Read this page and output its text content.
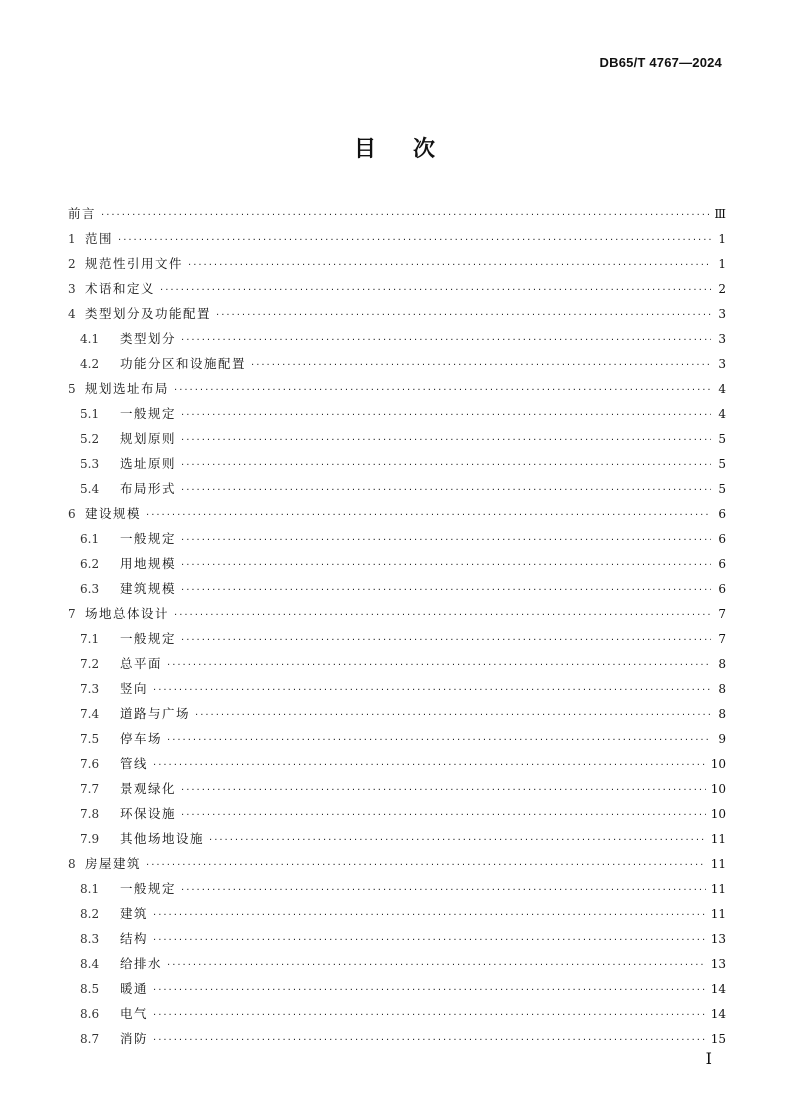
DB65/T 4767—2024
目 次
前言 ·····	Ⅲ
1 范围 ·····	1
2 规范性引用文件 ·····	1
3 术语和定义 ·····	2
4 类型划分及功能配置 ·····	3
4.1	类型划分 ·····	3
4.2	功能分区和设施配置 ·····	3
5 规划选址布局 ·····	4
5.1	一般规定 ·····	4
5.2	规划原则 ·····	5
5.3	选址原则 ·····	5
5.4	布局形式 ·····	5
6 建设规模 ·····	6
6.1	一般规定 ·····	6
6.2	用地规模 ·····	6
6.3	建筑规模 ·····	6
7 场地总体设计 ·····	7
7.1	一般规定 ·····	7
7.2	总平面 ·····	8
7.3	竖向 ·····	8
7.4	道路与广场 ·····	8
7.5	停车场 ·····	9
7.6	管线 ·····	10
7.7	景观绿化 ·····	10
7.8	环保设施 ·····	10
7.9	其他场地设施 ·····	11
8 房屋建筑 ·····	11
8.1	一般规定 ·····	11
8.2	建筑 ·····	11
8.3	结构 ·····	13
8.4	给排水 ·····	13
8.5	暖通 ·····	14
8.6	电气 ·····	14
8.7	消防 ·····	15
I
